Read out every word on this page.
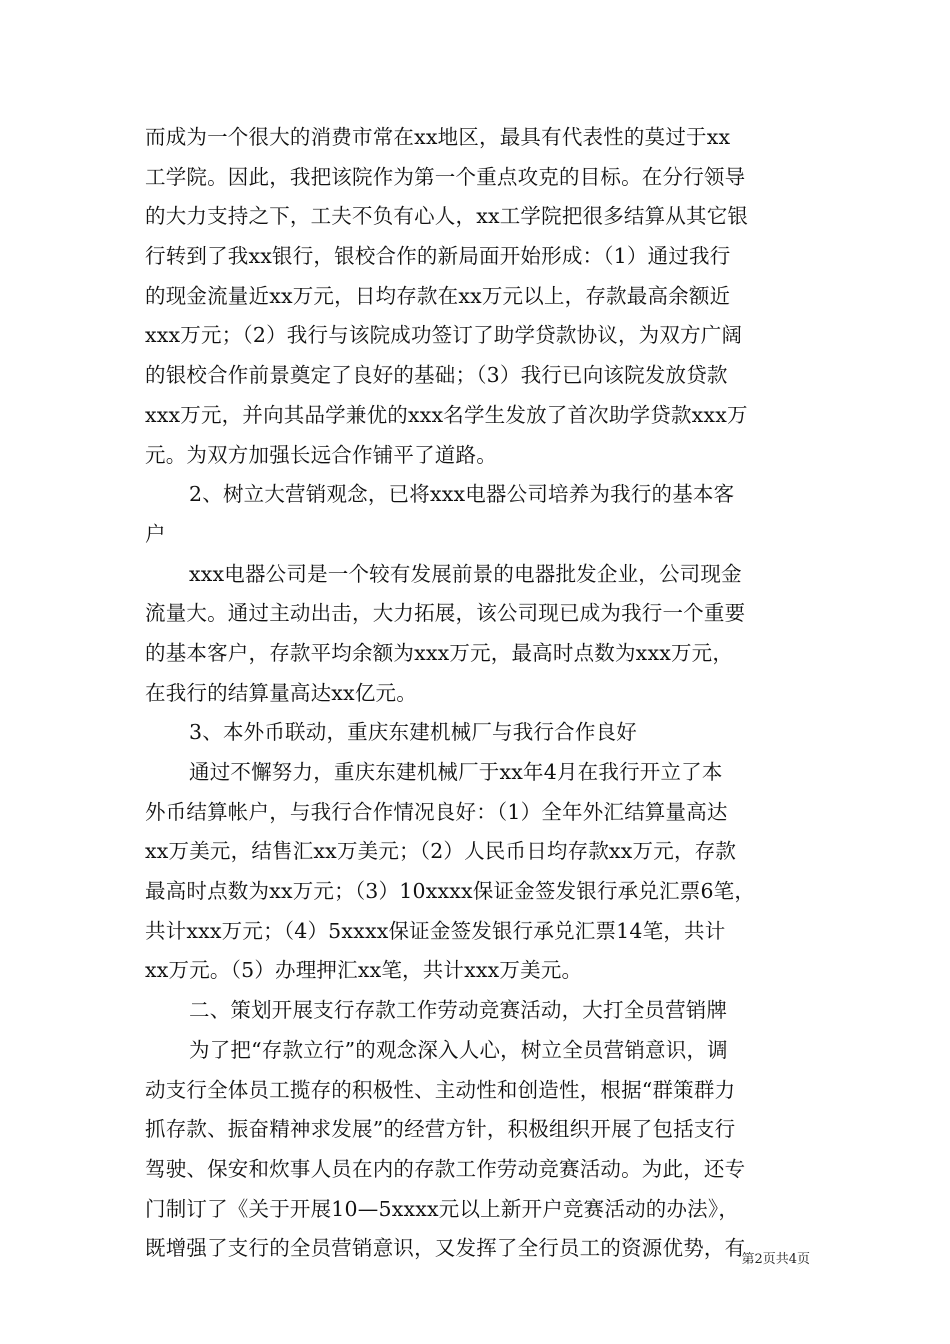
而成为一个很大的消费市常在xx地区，最具有代表性的莫过于xx
工学院。因此，我把该院作为第一个重点攻克的目标。在分行领导
的大力支持之下，工夫不负有心人，xx工学院把很多结算从其它银
行转到了我xx银行，银校合作的新局面开始形成：（1）通过我行
的现金流量近xx万元，日均存款在xx万元以上，存款最高余额近
xxx万元；（2）我行与该院成功签订了助学贷款协议，为双方广阔
的银校合作前景奠定了良好的基础；（3）我行已向该院发放贷款
xxx万元，并向其品学兼优的xxx名学生发放了首次助学贷款xxx万
元。为双方加强长远合作铺平了道路。
2、树立大营销观念，已将xxx电器公司培养为我行的基本客
户
xxx电器公司是一个较有发展前景的电器批发企业，公司现金
流量大。通过主动出击，大力拓展，该公司现已成为我行一个重要
的基本客户，存款平均余额为xxx万元，最高时点数为xxx万元，
在我行的结算量高达xx亿元。
3、本外币联动，重庆东建机械厂与我行合作良好
通过不懈努力，重庆东建机械厂于xx年4月在我行开立了本
外币结算帐户，与我行合作情况良好：（1）全年外汇结算量高达
xx万美元，结售汇xx万美元；（2）人民币日均存款xx万元，存款
最高时点数为xx万元；（3）10xxxx保证金签发银行承兑汇票6笔，
共计xxx万元；（4）5xxxx保证金签发银行承兑汇票14笔，共计
xx万元。（5）办理押汇xx笔，共计xxx万美元。
二、策划开展支行存款工作劳动竞赛活动，大打全员营销牌
为了把“存款立行”的观念深入人心，树立全员营销意识，调
动支行全体员工揽存的积极性、主动性和创造性，根据“群策群力
抓存款、振奋精神求发展”的经营方针，积极组织开展了包括支行
驾驶、保安和炊事人员在内的存款工作劳动竞赛活动。为此，还专
门制订了《关于开展10—5xxxx元以上新开户竞赛活动的办法》，
既增强了支行的全员营销意识，又发挥了全行员工的资源优势，有
第2页共4页
